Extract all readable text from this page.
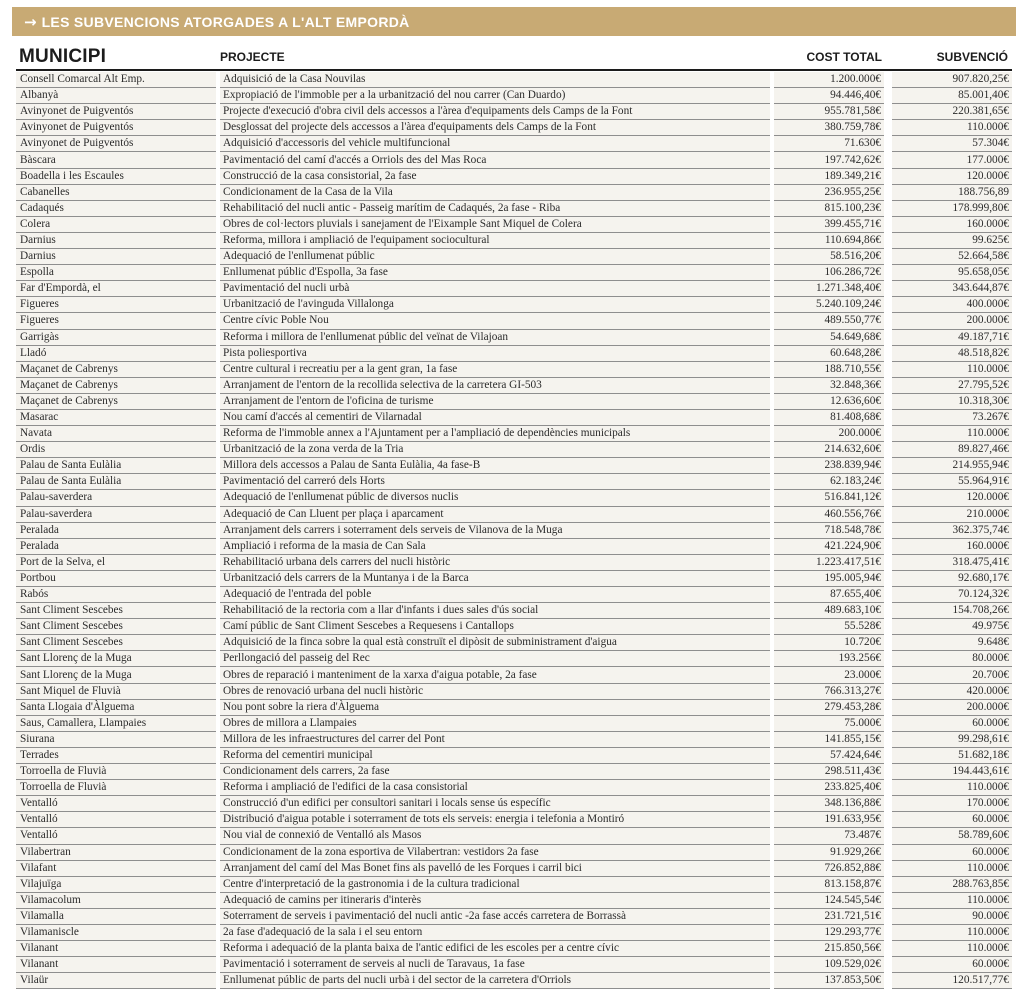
→ LES SUBVENCIONS ATORGADES A L'ALT EMPORDÀ
MUNICIPI	PROJECTE	COST TOTAL	SUBVENCIÓ
Consell Comarcal Alt Emp.		Adquisició de la Casa Nouvilas		1.200.000€		907.820,25€
Albanyà		Expropiació de l'immoble per a la urbanització del nou carrer (Can Duardo)		94.446,40€		85.001,40€
Avinyonet de Puigventós		Projecte d'execució d'obra civil dels accessos a l'àrea d'equipaments dels Camps de la Font		955.781,58€		220.381,65€
Avinyonet de Puigventós		Desglossat del projecte dels accessos a l'àrea d'equipaments dels Camps de la Font		380.759,78€		110.000€
Avinyonet de Puigventós		Adquisició d'accessoris del vehicle multifuncional		71.630€		57.304€
Bàscara		Pavimentació del camí d'accés a Orriols des del Mas Roca		197.742,62€		177.000€
Boadella i les Escaules		Construcció de la casa consistorial, 2a fase		189.349,21€		120.000€
Cabanelles		Condicionament de la Casa de la Vila		236.955,25€		188.756,89
Cadaqués		Rehabilitació del nucli antic - Passeig marítim de Cadaqués, 2a fase - Riba		815.100,23€		178.999,80€
Colera		Obres de col·lectors pluvials i sanejament de l'Eixample Sant Miquel de Colera		399.455,71€		160.000€
Darnius		Reforma, millora i ampliació de l'equipament sociocultural		110.694,86€		99.625€
Darnius		Adequació de l'enllumenat públic		58.516,20€		52.664,58€
Espolla		Enllumenat públic d'Espolla, 3a fase		106.286,72€		95.658,05€
Far d'Empordà, el		Pavimentació del nucli urbà		1.271.348,40€		343.644,87€
Figueres		Urbanització de l'avinguda Villalonga		5.240.109,24€		400.000€
Figueres		Centre cívic Poble Nou		489.550,77€		200.000€
Garrigàs		Reforma i millora de l'enllumenat públic del veïnat de Vilajoan		54.649,68€		49.187,71€
Lladó		Pista poliesportiva		60.648,28€		48.518,82€
Maçanet de Cabrenys		Centre cultural i recreatiu per a la gent gran, 1a fase		188.710,55€		110.000€
Maçanet de Cabrenys		Arranjament de l'entorn de la recollida selectiva de la carretera GI-503		32.848,36€		27.795,52€
Maçanet de Cabrenys		Arranjament de l'entorn de l'oficina de turisme		12.636,60€		10.318,30€
Masarac		Nou camí d'accés al cementiri de Vilarnadal		81.408,68€		73.267€
Navata		Reforma de l'immoble annex a l'Ajuntament per a l'ampliació de dependències municipals		200.000€		110.000€
Ordis		Urbanització de la zona verda de la Tria		214.632,60€		89.827,46€
Palau de Santa Eulàlia		Millora dels accessos a Palau de Santa Eulàlia, 4a fase-B		238.839,94€		214.955,94€
Palau de Santa Eulàlia		Pavimentació del carreró dels Horts		62.183,24€		55.964,91€
Palau-saverdera		Adequació de l'enllumenat públic de diversos nuclis		516.841,12€		120.000€
Palau-saverdera		Adequació de Can Lluent per plaça i aparcament		460.556,76€		210.000€
Peralada		Arranjament dels carrers i soterrament dels serveis de Vilanova de la Muga		718.548,78€		362.375,74€
Peralada		Ampliació i reforma de la masia de Can Sala		421.224,90€		160.000€
Port de la Selva, el		Rehabilitació urbana dels carrers del nucli històric		1.223.417,51€		318.475,41€
Portbou		Urbanització dels carrers de la Muntanya i de la Barca		195.005,94€		92.680,17€
Rabós		Adequació de l'entrada del poble		87.655,40€		70.124,32€
Sant Climent Sescebes		Rehabilitació de la rectoria com a llar d'infants i dues sales d'ús social		489.683,10€		154.708,26€
Sant Climent Sescebes		Camí públic de Sant Climent Sescebes a Requesens i Cantallops		55.528€		49.975€
Sant Climent Sescebes		Adquisició de la finca sobre la qual està construït el dipòsit de subministrament d'aigua		10.720€		9.648€
Sant Llorenç de la Muga		Perllongació del passeig del Rec		193.256€		80.000€
Sant Llorenç de la Muga		Obres de reparació i manteniment de la xarxa d'aigua potable, 2a fase		23.000€		20.700€
Sant Miquel de Fluvià		Obres de renovació urbana del nucli històric		766.313,27€		420.000€
Santa Llogaia d'Àlguema		Nou pont sobre la riera d'Àlguema		279.453,28€		200.000€
Saus, Camallera, Llampaies		Obres de millora a Llampaies		75.000€		60.000€
Siurana		Millora de les infraestructures del carrer del Pont		141.855,15€		99.298,61€
Terrades		Reforma del cementiri municipal		57.424,64€		51.682,18€
Torroella de Fluvià		Condicionament dels carrers, 2a fase		298.511,43€		194.443,61€
Torroella de Fluvià		Reforma i ampliació de l'edifici de la casa consistorial		233.825,40€		110.000€
Ventalló		Construcció d'un edifici per consultori sanitari i locals sense ús específic		348.136,88€		170.000€
Ventalló		Distribució d'aigua potable i soterrament de tots els serveis: energia i telefonia a Montiró		191.633,95€		60.000€
Ventalló		Nou vial de connexió de Ventalló als Masos		73.487€		58.789,60€
Vilabertran		Condicionament de la zona esportiva de Vilabertran: vestidors 2a fase		91.929,26€		60.000€
Vilafant		Arranjament del camí del Mas Bonet fins als pavelló de les Forques i carril bici		726.852,88€		110.000€
Vilajuïga		Centre d'interpretació de la gastronomia i de la cultura tradicional		813.158,87€		288.763,85€
Vilamacolum		Adequació de camins per itineraris d'interès		124.545,54€		110.000€
Vilamalla		Soterrament de serveis i pavimentació del nucli antic -2a fase accés carretera de Borrassà		231.721,51€		90.000€
Vilamaniscle		2a fase d'adequació de la sala i el seu entorn		129.293,77€		110.000€
Vilanant		Reforma i adequació de la planta baixa de l'antic edifici de les escoles per a centre cívic		215.850,56€		110.000€
Vilanant		Pavimentació i soterrament de serveis al nucli de Taravaus, 1a fase		109.529,02€		60.000€
Vilaür		Enllumenat públic de parts del nucli urbà i del sector de la carretera d'Orriols		137.853,50€		120.517,77€
